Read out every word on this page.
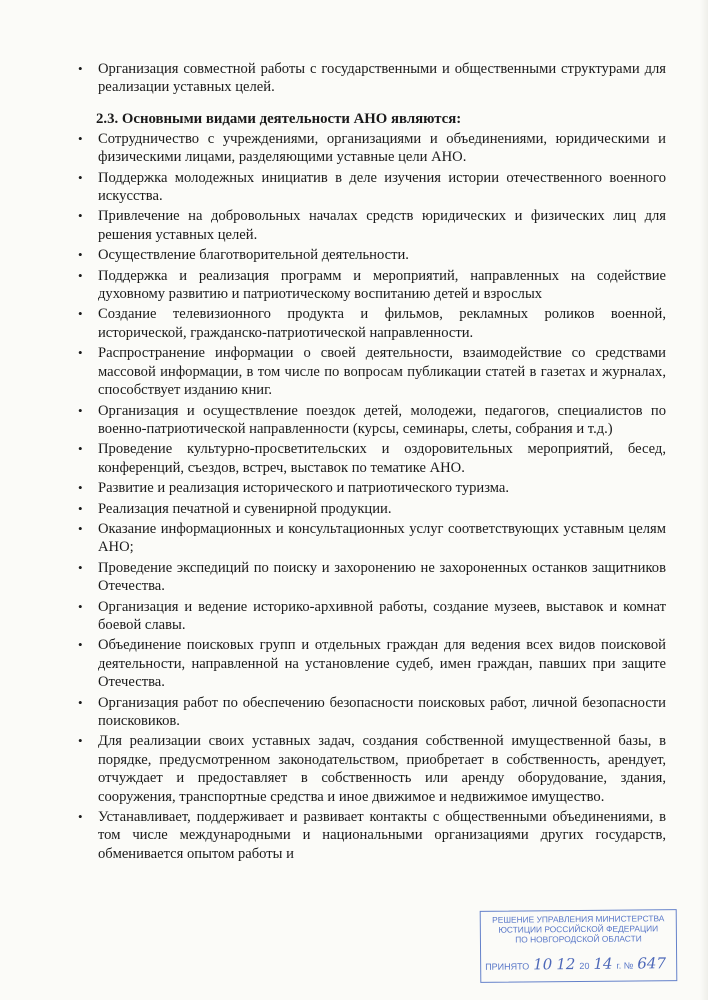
•	Организация совместной работы с государственными и общественными структурами для реализации уставных целей.
2.3. Основными видами деятельности АНО являются:
•	Сотрудничество с учреждениями, организациями и объединениями, юридическими и физическими лицами, разделяющими уставные цели АНО.
•	Поддержка молодежных инициатив в деле изучения истории отечественного военного искусства.
•	Привлечение на добровольных началах средств юридических и физических лиц для решения уставных целей.
•	Осуществление благотворительной деятельности.
•	Поддержка и реализация программ и мероприятий, направленных на содействие духовному развитию и патриотическому воспитанию детей и взрослых
•	Создание телевизионного продукта и фильмов, рекламных роликов военной, исторической, гражданско-патриотической направленности.
•	Распространение информации о своей деятельности, взаимодействие со средствами массовой информации, в том числе по вопросам публикации статей в газетах и журналах, способствует изданию книг.
•	Организация и осуществление поездок детей, молодежи, педагогов, специалистов по военно-патриотической направленности (курсы, семинары, слеты, собрания и т.д.)
•	Проведение культурно-просветительских и оздоровительных мероприятий, бесед, конференций, съездов, встреч, выставок по тематике АНО.
•	Развитие и реализация исторического и патриотического туризма.
•	Реализация печатной и сувенирной продукции.
•	Оказание информационных и консультационных услуг соответствующих уставным целям АНО;
•	Проведение экспедиций по поиску и захоронению не захороненных останков защитников Отечества.
•	Организация и ведение историко-архивной работы, создание музеев, выставок и комнат боевой славы.
•	Объединение поисковых групп и отдельных граждан для ведения всех видов поисковой деятельности, направленной на установление судеб, имен граждан, павших при защите Отечества.
•	Организация работ по обеспечению безопасности поисковых работ, личной безопасности поисковиков.
•	Для реализации своих уставных задач, создания собственной имущественной базы, в порядке, предусмотренном законодательством, приобретает в собственность, арендует, отчуждает и предоставляет в собственность или аренду оборудование, здания, сооружения, транспортные средства и иное движимое и недвижимое имущество.
•	Устанавливает, поддерживает и развивает контакты с общественными объединениями, в том числе международными и национальными организациями других государств, обменивается опытом работы и
РЕШЕНИЕ УПРАВЛЕНИЯ МИНИСТЕРСТВА
ЮСТИЦИИ РОССИЙСКОЙ ФЕДЕРАЦИИ
ПО НОВГОРОДСКОЙ ОБЛАСТИ
ПРИНЯТО 10 12 20 14 г. № 647
